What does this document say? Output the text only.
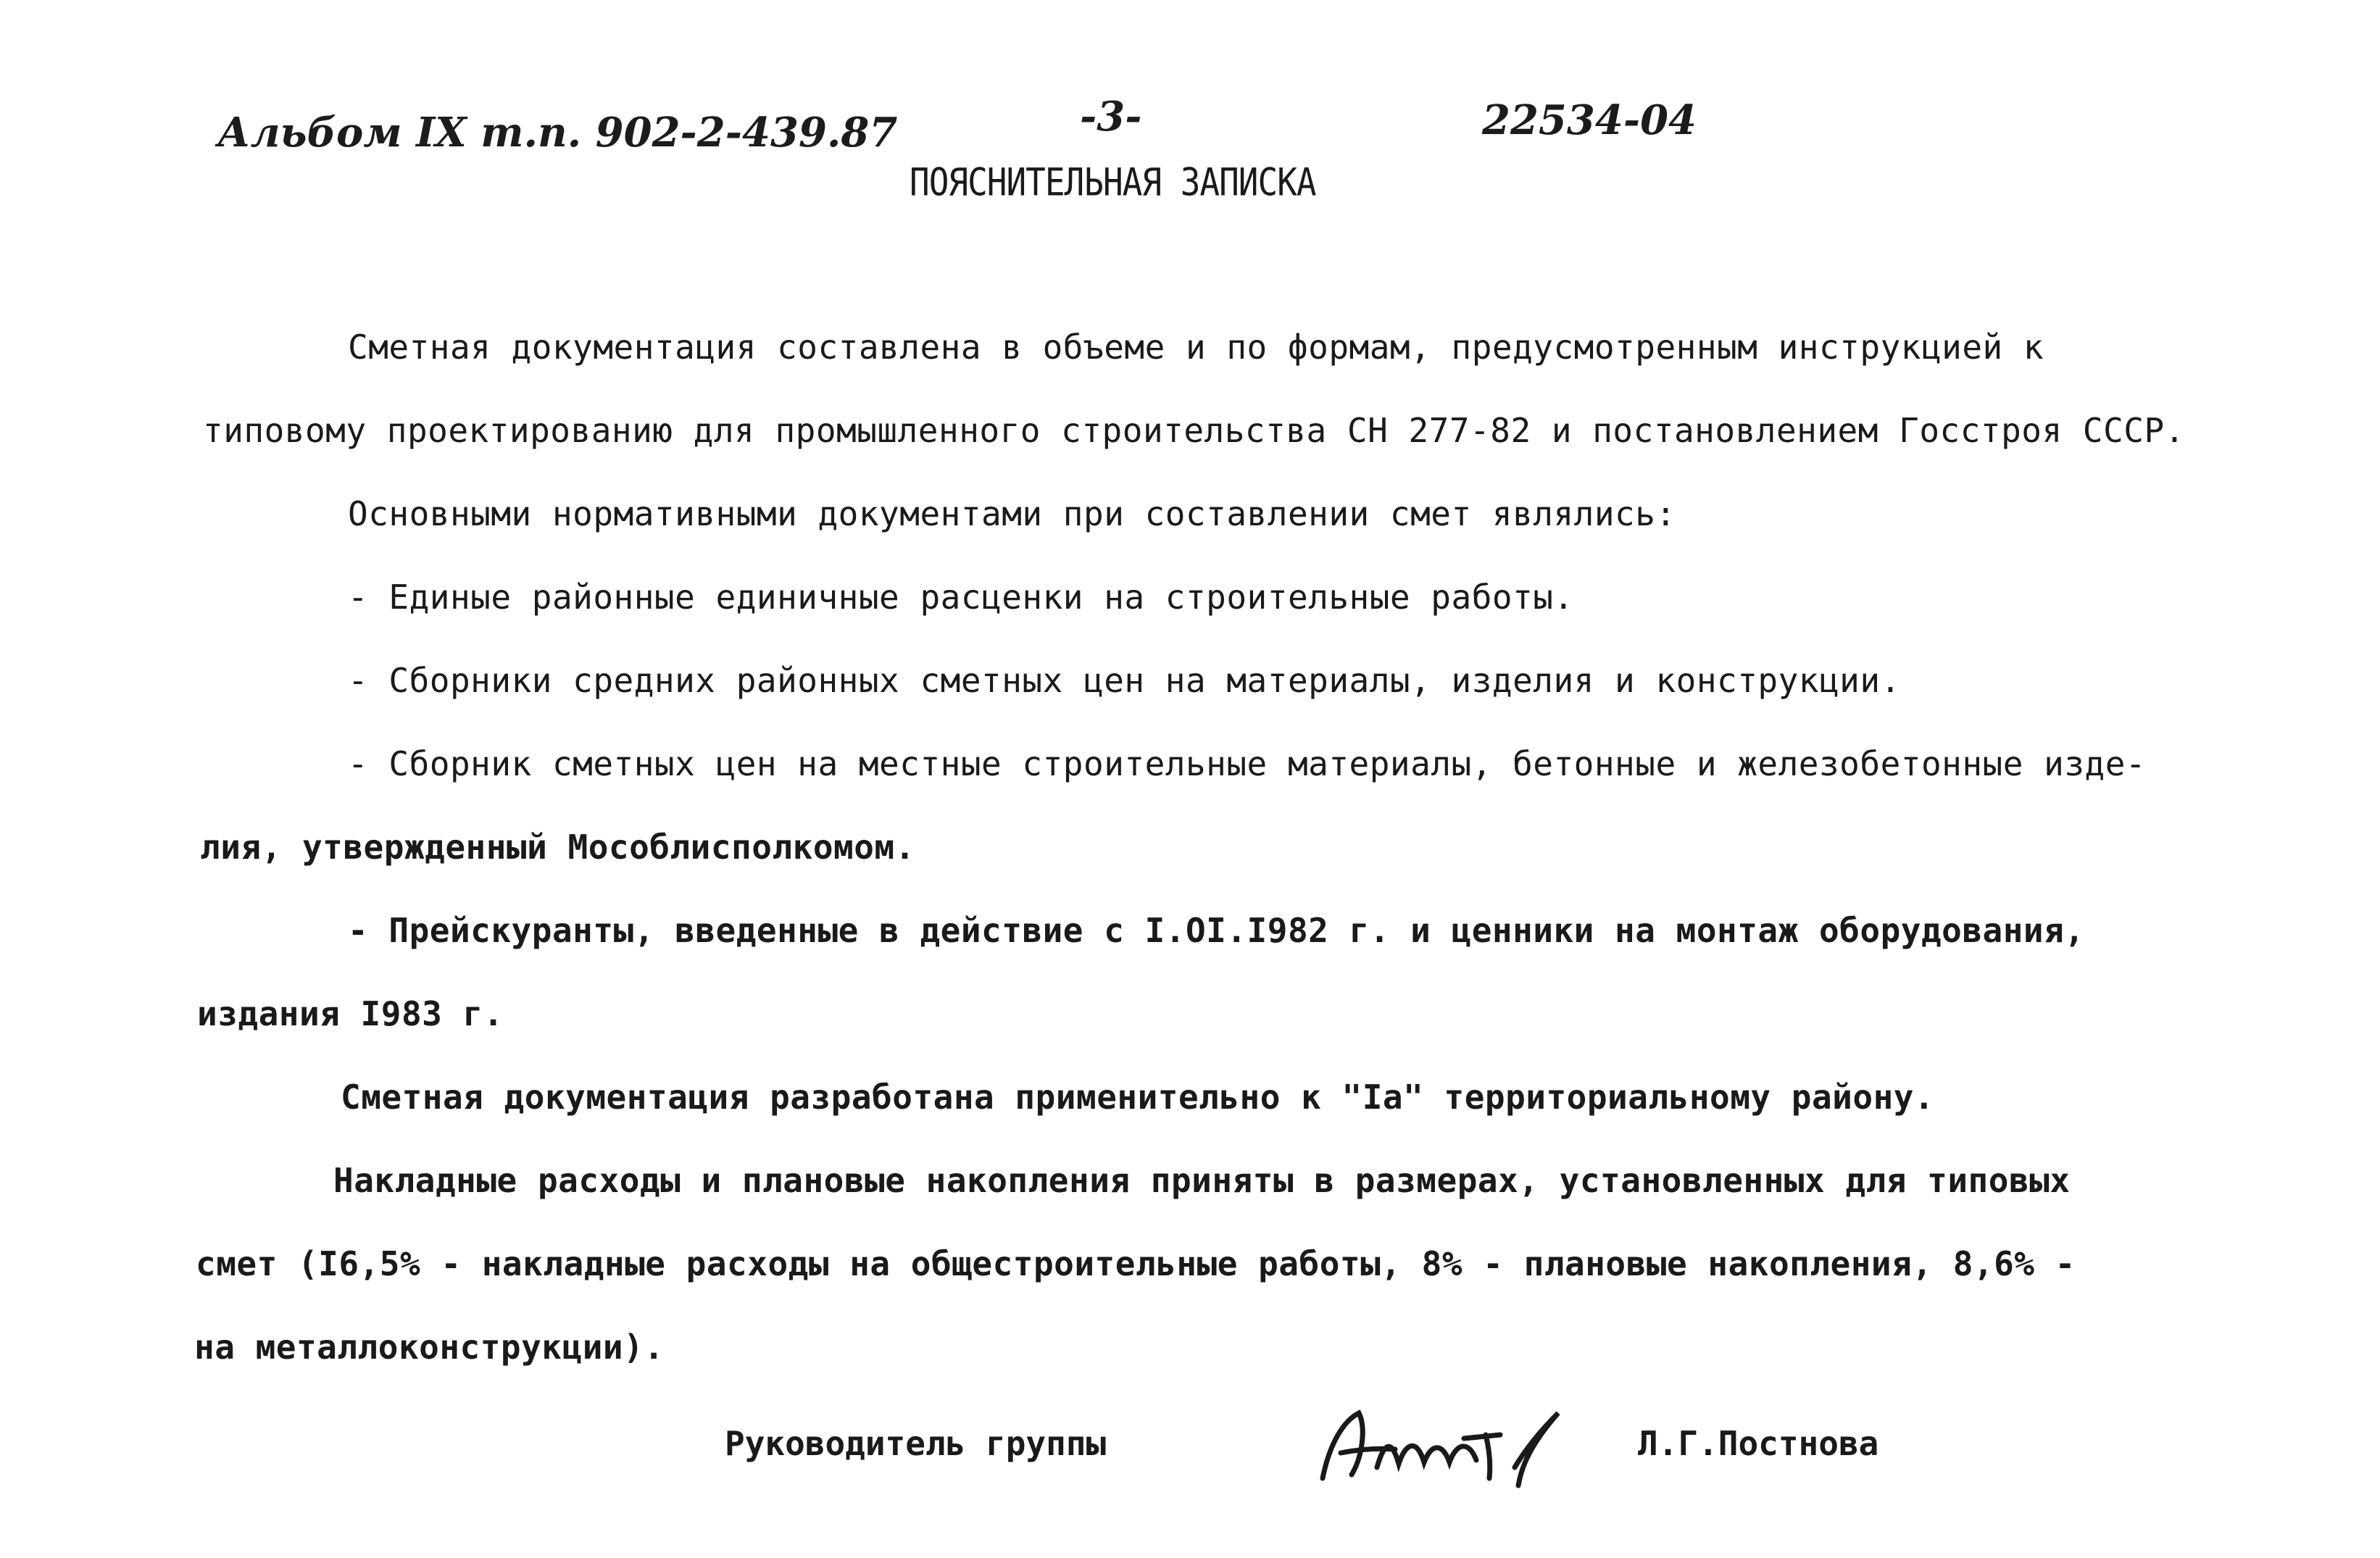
Альбом IX т.п. 902-2-439.87	-3-	22534-04
ПОЯСНИТЕЛЬНАЯ ЗАПИСКА
Сметная документация составлена в объеме и по формам, предусмотренным инструкцией к
типовому проектированию для промышленного строительства СН 277-82 и постановлением Госстроя СССР.
Основными нормативными документами при составлении смет являлись:
- Единые районные единичные расценки на строительные работы.
- Сборники средних районных сметных цен на материалы, изделия и конструкции.
- Сборник сметных цен на местные строительные материалы, бетонные и железобетонные изде-
лия, утвержденный Мособлисполкомом.
- Прейскуранты, введенные в действие с I.OI.I982 г. и ценники на монтаж оборудования,
издания I983 г.
Сметная документация разработана применительно к "Iа" территориальному району.
Накладные расходы и плановые накопления приняты в размерах, установленных для типовых
смет (I6,5% - накладные расходы на общестроительные работы, 8% - плановые накопления, 8,6% -
на металлоконструкции).
Руководитель группы	Л.Г.Постнова
